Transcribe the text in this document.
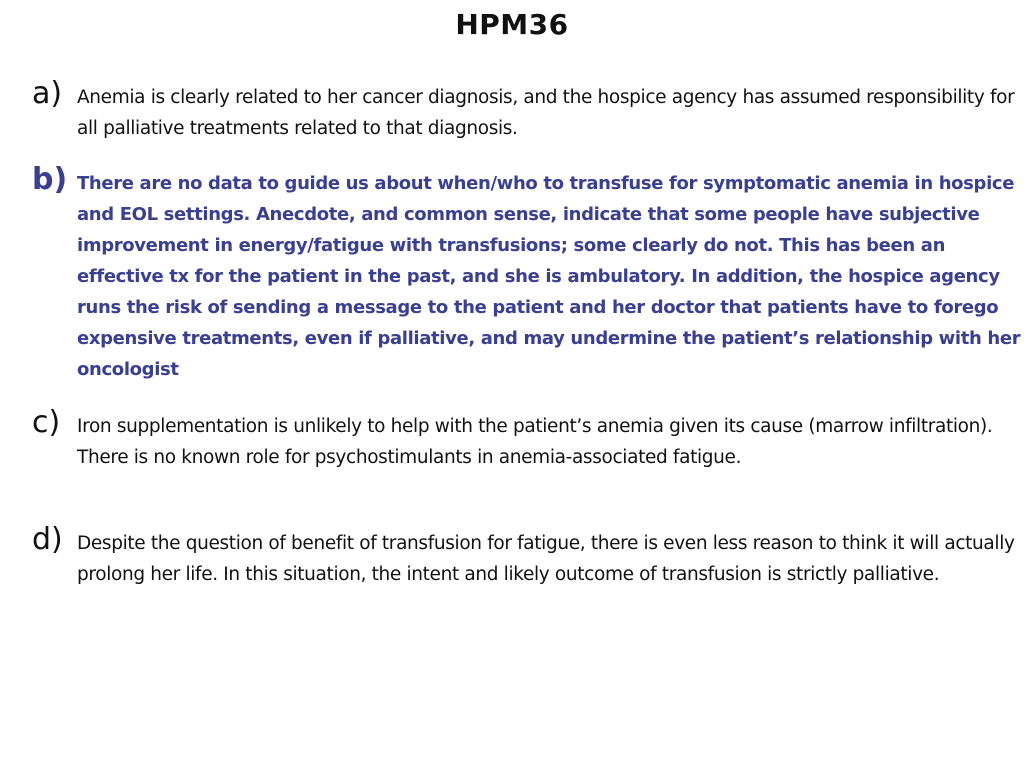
HPM36
a) Anemia is clearly related to her cancer diagnosis, and the hospice agency has assumed responsibility for all palliative treatments related to that diagnosis.
b) There are no data to guide us about when/who to transfuse for symptomatic anemia in hospice and EOL settings. Anecdote, and common sense, indicate that some people have subjective improvement in energy/fatigue with transfusions; some clearly do not. This has been an effective tx for the patient in the past, and she is ambulatory. In addition, the hospice agency runs the risk of sending a message to the patient and her doctor that patients have to forego expensive treatments, even if palliative, and may undermine the patient’s relationship with her oncologist
c) Iron supplementation is unlikely to help with the patient’s anemia given its cause (marrow infiltration). There is no known role for psychostimulants in anemia-associated fatigue.
d) Despite the question of benefit of transfusion for fatigue, there is even less reason to think it will actually prolong her life. In this situation, the intent and likely outcome of transfusion is strictly palliative.
